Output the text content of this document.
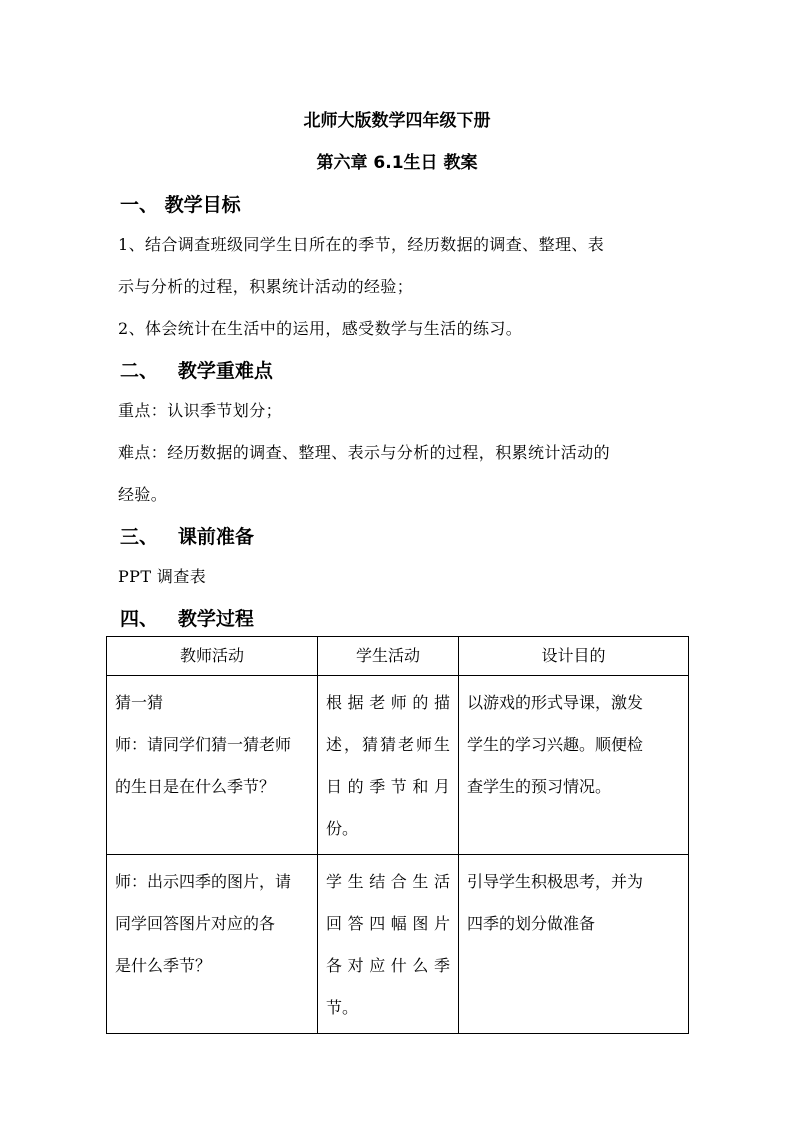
北师大版数学四年级下册
第六章 6.1生日 教案
一、 教学目标
1、结合调查班级同学生日所在的季节，经历数据的调查、整理、表
示与分析的过程，积累统计活动的经验；
2、体会统计在生活中的运用，感受数学与生活的练习。
二、   教学重难点
重点：认识季节划分；
难点：经历数据的调查、整理、表示与分析的过程，积累统计活动的
经验。
三、   课前准备
PPT 调查表
四、   教学过程
教师活动	学生活动	设计目的

猜一猜
师：请同学们猜一猜老师
的生日是在什么季节？	根据老师的描
述，猜猜老师生
日的季节和月
份。	以游戏的形式导课，激发
学生的学习兴趣。顺便检
查学生的预习情况。

师：出示四季的图片，请
同学回答图片对应的各
是什么季节？	学生结合生活
回答四幅图片
各对应什么季
节。	引导学生积极思考，并为
四季的划分做准备
